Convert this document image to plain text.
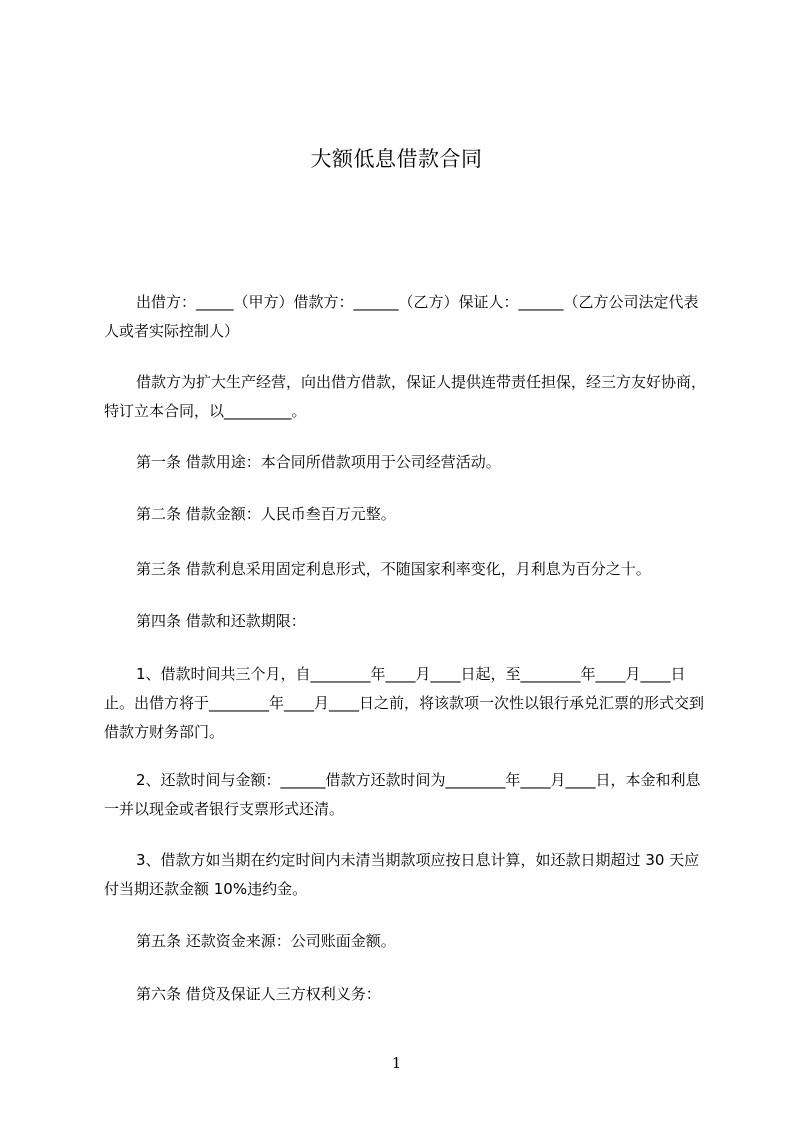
大额低息借款合同

出借方：_____（甲方）借款方：______（乙方）保证人：______（乙方公司法定代表人或者实际控制人）

借款方为扩大生产经营，向出借方借款，保证人提供连带责任担保，经三方友好协商，特订立本合同，以_________。

第一条 借款用途：本合同所借款项用于公司经营活动。

第二条 借款金额：人民币叁百万元整。

第三条 借款利息采用固定利息形式，不随国家利率变化，月利息为百分之十。

第四条 借款和还款期限：

1、借款时间共三个月，自________年____月____日起，至________年____月____日止。出借方将于________年____月____日之前，将该款项一次性以银行承兑汇票的形式交到借款方财务部门。

2、还款时间与金额：______借款方还款时间为________年____月____日，本金和利息一并以现金或者银行支票形式还清。

3、借款方如当期在约定时间内未清当期款项应按日息计算，如还款日期超过 30 天应付当期还款金额 10%违约金。

第五条 还款资金来源：公司账面金额。

第六条 借贷及保证人三方权利义务：

1
